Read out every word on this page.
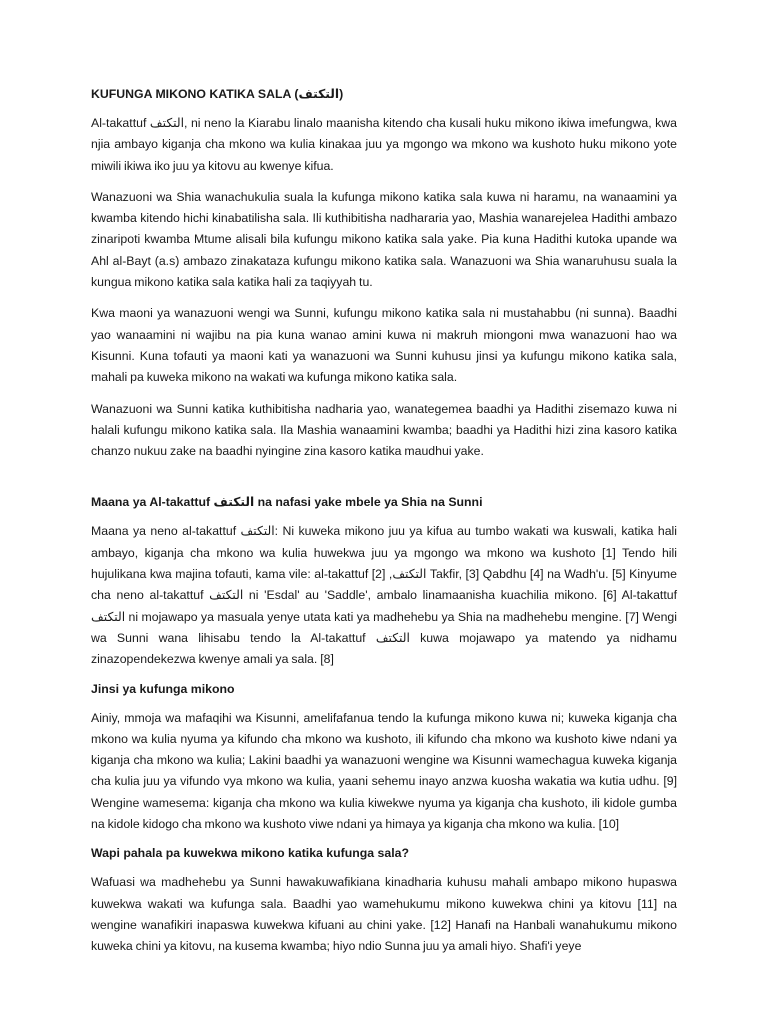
KUFUNGA MIKONO KATIKA SALA (التكتف)

Al-takattuf التكتف, ni neno la Kiarabu linalo maanisha kitendo cha kusali huku mikono ikiwa imefungwa, kwa njia ambayo kiganja cha mkono wa kulia kinakaa juu ya mgongo wa mkono wa kushoto huku mikono yote miwili ikiwa iko juu ya kitovu au kwenye kifua.

Wanazuoni wa Shia wanachukulia suala la kufunga mikono katika sala kuwa ni haramu, na wanaamini ya kwamba kitendo hichi kinabatilisha sala. Ili kuthibitisha nadhararia yao, Mashia wanarejelea Hadithi ambazo zinaripoti kwamba Mtume alisali bila kufungu mikono katika sala yake. Pia kuna Hadithi kutoka upande wa Ahl al-Bayt (a.s) ambazo zinakataza kufungu mikono katika sala. Wanazuoni wa Shia wanaruhusu suala la kungua mikono katika sala katika hali za taqiyyah tu.

Kwa maoni ya wanazuoni wengi wa Sunni, kufungu mikono katika sala ni mustahabbu (ni sunna). Baadhi yao wanaamini ni wajibu na pia kuna wanao amini kuwa ni makruh miongoni mwa wanazuoni hao wa Kisunni. Kuna tofauti ya maoni kati ya wanazuoni wa Sunni kuhusu jinsi ya kufungu mikono katika sala, mahali pa kuweka mikono na wakati wa kufunga mikono katika sala.

Wanazuoni wa Sunni katika kuthibitisha nadharia yao, wanategemea baadhi ya Hadithi zisemazo kuwa ni halali kufungu mikono katika sala. Ila Mashia wanaamini kwamba; baadhi ya Hadithi hizi zina kasoro katika chanzo nukuu zake na baadhi nyingine zina kasoro katika maudhui yake.

Maana ya Al-takattuf التكتف na nafasi yake mbele ya Shia na Sunni

Maana ya neno al-takattuf التكتف: Ni kuweka mikono juu ya kifua au tumbo wakati wa kuswali, katika hali ambayo, kiganja cha mkono wa kulia huwekwa juu ya mgongo wa mkono wa kushoto [1] Tendo hili hujulikana kwa majina tofauti, kama vile: al-takattuf [2] ,التكتف Takfir, [3] Qabdhu [4] na Wadh'u. [5] Kinyume cha neno al-takattuf التكتف ni 'Esdal' au 'Saddle', ambalo linamaanisha kuachilia mikono. [6] Al-takattuf التكتف ni mojawapo ya masuala yenye utata kati ya madhehebu ya Shia na madhehebu mengine. [7] Wengi wa Sunni wana lihisabu tendo la Al-takattuf التكتف kuwa mojawapo ya matendo ya nidhamu zinazopendekezwa kwenye amali ya sala. [8]

Jinsi ya kufunga mikono

Ainiy, mmoja wa mafaqihi wa Kisunni, amelifafanua tendo la kufunga mikono kuwa ni; kuweka kiganja cha mkono wa kulia nyuma ya kifundo cha mkono wa kushoto, ili kifundo cha mkono wa kushoto kiwe ndani ya kiganja cha mkono wa kulia; Lakini baadhi ya wanazuoni wengine wa Kisunni wamechagua kuweka kiganja cha kulia juu ya vifundo vya mkono wa kulia, yaani sehemu inayo anzwa kuosha wakatia wa kutia udhu. [9] Wengine wamesema: kiganja cha mkono wa kulia kiwekwe nyuma ya kiganja cha kushoto, ili kidole gumba na kidole kidogo cha mkono wa kushoto viwe ndani ya himaya ya kiganja cha mkono wa kulia. [10]

Wapi pahala pa kuwekwa mikono katika kufunga sala?

Wafuasi wa madhehebu ya Sunni hawakuwafikiana kinadharia kuhusu mahali ambapo mikono hupaswa kuwekwa wakati wa kufunga sala. Baadhi yao wamehukumu mikono kuwekwa chini ya kitovu [11] na wengine wanafikiri inapaswa kuwekwa kifuani au chini yake. [12] Hanafi na Hanbali wanahukumu mikono kuweka chini ya kitovu, na kusema kwamba; hiyo ndio Sunna juu ya amali hiyo. Shafi'i yeye
